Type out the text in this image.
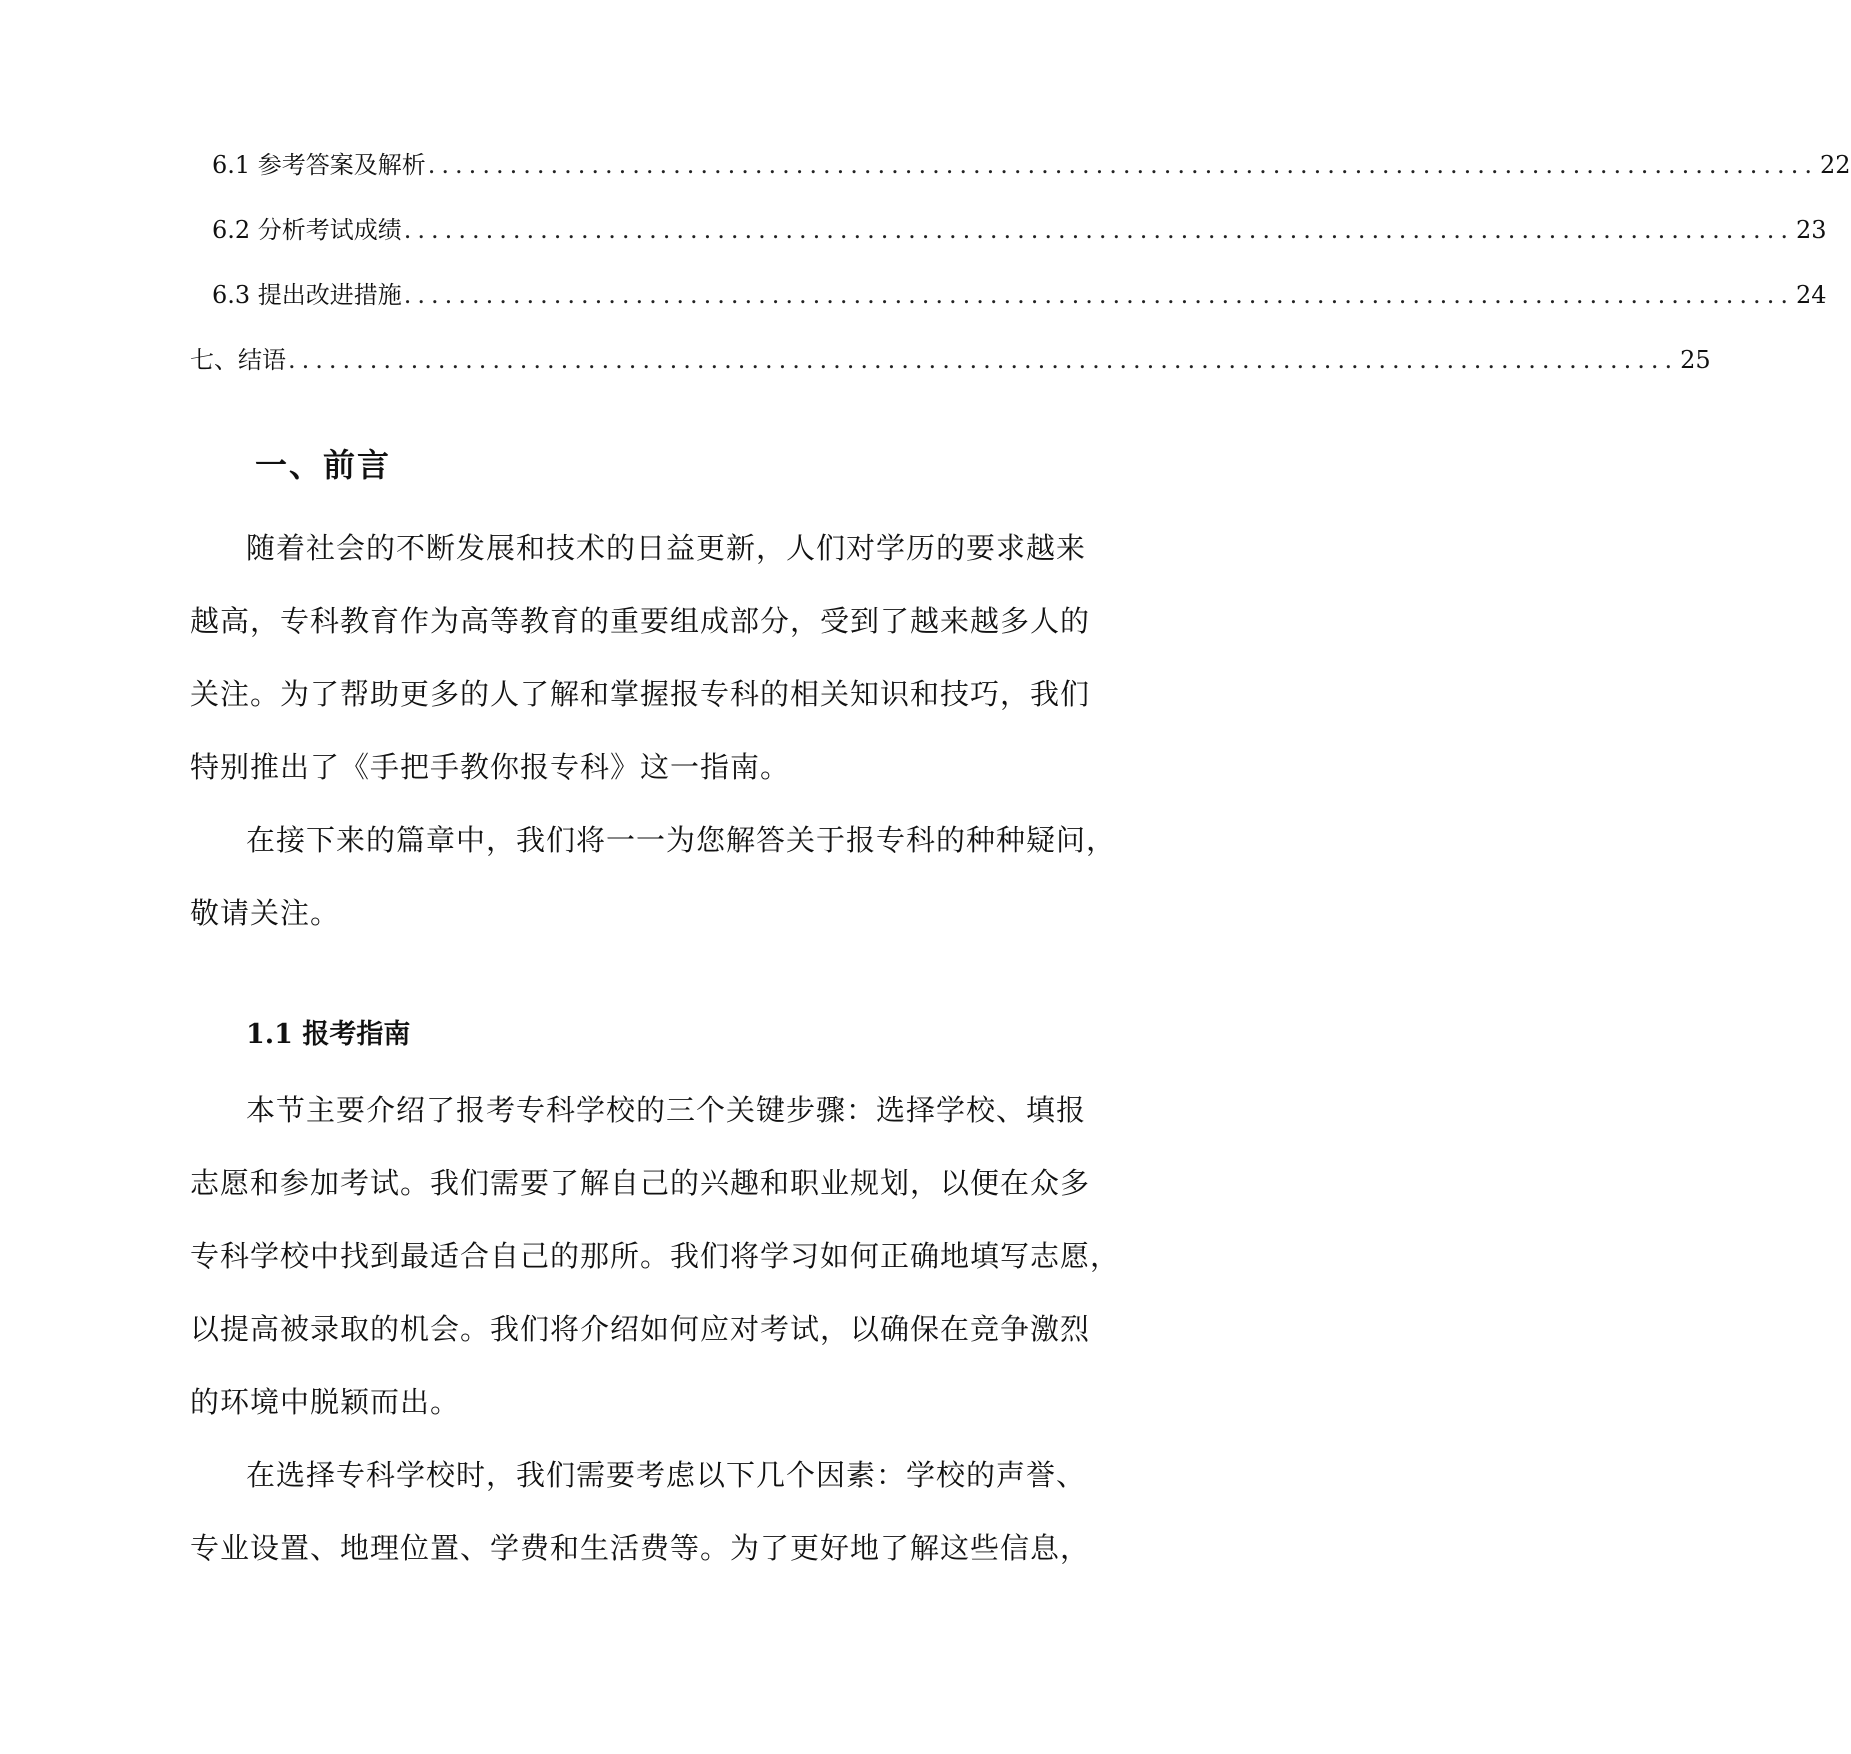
6.1 参考答案及解析 ...................................................................................................... 22
6.2 分析考试成绩 ...................................................................................................... 23
6.3 提出改进措施 ...................................................................................................... 24
七、结语 ...................................................................................................... 25
一、前言
随着社会的不断发展和技术的日益更新，人们对学历的要求越来
越高，专科教育作为高等教育的重要组成部分，受到了越来越多人的
关注。为了帮助更多的人了解和掌握报专科的相关知识和技巧，我们
特别推出了《手把手教你报专科》这一指南。
在接下来的篇章中，我们将一一为您解答关于报专科的种种疑问，
敬请关注。
1.1 报考指南
本节主要介绍了报考专科学校的三个关键步骤：选择学校、填报
志愿和参加考试。我们需要了解自己的兴趣和职业规划，以便在众多
专科学校中找到最适合自己的那所。我们将学习如何正确地填写志愿，
以提高被录取的机会。我们将介绍如何应对考试，以确保在竞争激烈
的环境中脱颖而出。
在选择专科学校时，我们需要考虑以下几个因素：学校的声誉、
专业设置、地理位置、学费和生活费等。为了更好地了解这些信息，
